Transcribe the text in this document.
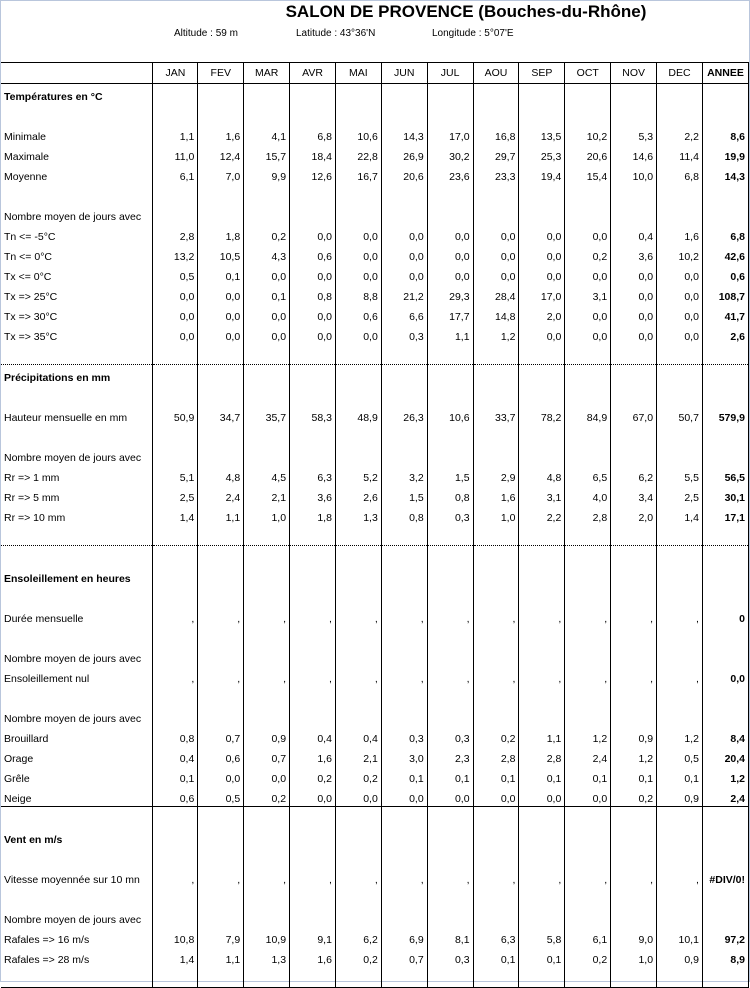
SALON DE PROVENCE (Bouches-du-Rhône)
Altitude : 59 m	Latitude : 43°36'N	Longitude : 5°07'E
	JAN	FEV	MAR	AVR	MAI	JUN	JUL	AOU	SEP	OCT	NOV	DEC	ANNEE
Températures en °C													

Minimale	1,1	1,6	4,1	6,8	10,6	14,3	17,0	16,8	13,5	10,2	5,3	2,2	8,6
Maximale	11,0	12,4	15,7	18,4	22,8	26,9	30,2	29,7	25,3	20,6	14,6	11,4	19,9
Moyenne	6,1	7,0	9,9	12,6	16,7	20,6	23,6	23,3	19,4	15,4	10,0	6,8	14,3

Nombre moyen de jours avec													
Tn <= -5°C	2,8	1,8	0,2	0,0	0,0	0,0	0,0	0,0	0,0	0,0	0,4	1,6	6,8
Tn <= 0°C	13,2	10,5	4,3	0,6	0,0	0,0	0,0	0,0	0,0	0,2	3,6	10,2	42,6
Tx <= 0°C	0,5	0,1	0,0	0,0	0,0	0,0	0,0	0,0	0,0	0,0	0,0	0,0	0,6
Tx => 25°C	0,0	0,0	0,1	0,8	8,8	21,2	29,3	28,4	17,0	3,1	0,0	0,0	108,7
Tx => 30°C	0,0	0,0	0,0	0,0	0,6	6,6	17,7	14,8	2,0	0,0	0,0	0,0	41,7
Tx => 35°C	0,0	0,0	0,0	0,0	0,0	0,3	1,1	1,2	0,0	0,0	0,0	0,0	2,6

Précipitations en mm													

Hauteur mensuelle en mm	50,9	34,7	35,7	58,3	48,9	26,3	10,6	33,7	78,2	84,9	67,0	50,7	579,9

Nombre moyen de jours avec													
Rr => 1 mm	5,1	4,8	4,5	6,3	5,2	3,2	1,5	2,9	4,8	6,5	6,2	5,5	56,5
Rr => 5 mm	2,5	2,4	2,1	3,6	2,6	1,5	0,8	1,6	3,1	4,0	3,4	2,5	30,1
Rr => 10 mm	1,4	1,1	1,0	1,8	1,3	0,8	0,3	1,0	2,2	2,8	2,0	1,4	17,1

Ensoleillement en heures													

Durée mensuelle	,	,	,	,	,	,	,	,	,	,	,	,	0

Nombre moyen de jours avec													
Ensoleillement nul	,	,	,	,	,	,	,	,	,	,	,	,	0,0

Nombre moyen de jours avec													
Brouillard	0,8	0,7	0,9	0,4	0,4	0,3	0,3	0,2	1,1	1,2	0,9	1,2	8,4
Orage	0,4	0,6	0,7	1,6	2,1	3,0	2,3	2,8	2,8	2,4	1,2	0,5	20,4
Grêle	0,1	0,0	0,0	0,2	0,2	0,1	0,1	0,1	0,1	0,1	0,1	0,1	1,2
Neige	0,6	0,5	0,2	0,0	0,0	0,0	0,0	0,0	0,0	0,0	0,2	0,9	2,4

Vent en m/s													

Vitesse moyennée sur 10 mn	,	,	,	,	,	,	,	,	,	,	,	,	#DIV/0!

Nombre moyen de jours avec													
Rafales => 16 m/s	10,8	7,9	10,9	9,1	6,2	6,9	8,1	6,3	5,8	6,1	9,0	10,1	97,2
Rafales => 28 m/s	1,4	1,1	1,3	1,6	0,2	0,7	0,3	0,1	0,1	0,2	1,0	0,9	8,9
